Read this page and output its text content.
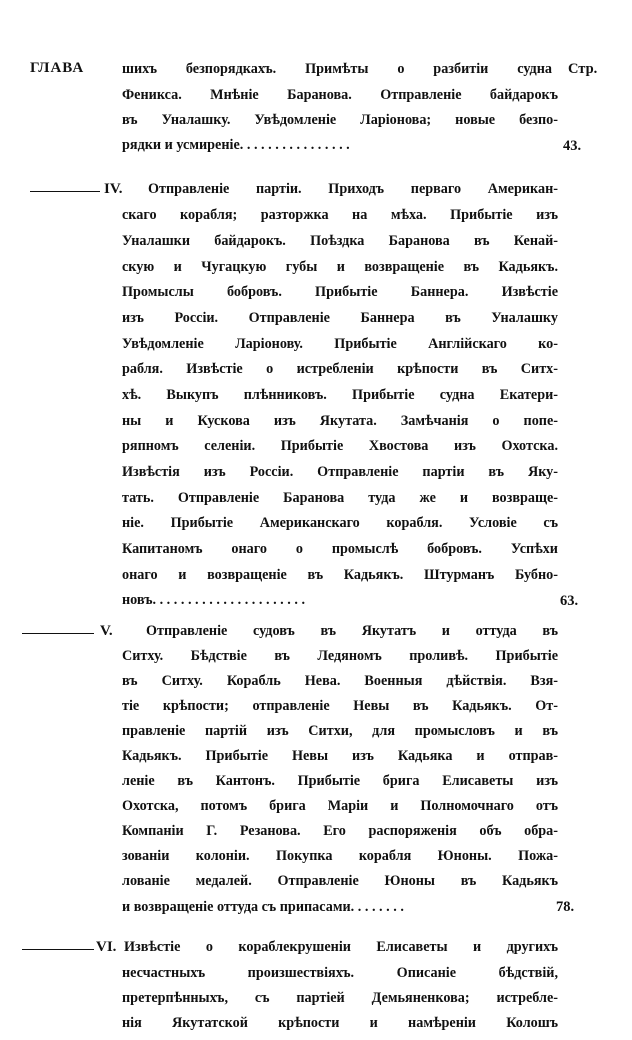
ГЛАВА	шихъ безпорядкахъ. Примѣты о разбитіи судна Стр.
Феникса. Мнѣніе Баранова. Отправленіе байдарокъ
въ Уналашку. Увѣдомленіе Ларіонова; новые безпо-
рядки и усмиреніе. . . . . . . . . . . . . . . .	43.
IV. Отправленіе партіи. Приходъ перваго Американ-
скаго корабля; разторжка на мѣха. Прибытіе изъ
Уналашки байдарокъ. Поѣздка Баранова въ Кенай-
скую и Чугацкую губы и возвращеніе въ Кадьякъ.
Промыслы бобровъ. Прибытіе Баннера. Извѣстіе
изъ Россіи. Отправленіе Баннера въ Уналашку
Увѣдомленіе Ларіонову. Прибытіе Англійскаго ко-
рабля. Извѣстіе о истребленіи крѣпости въ Ситх-
хѣ. Выкупъ плѣнниковъ. Прибытіе судна Екатери-
ны и Кускова изъ Якутата. Замѣчанія о попе-
ряпномъ селеніи. Прибытіе Хвостова изъ Охотска.
Извѣстія изъ Россіи. Отправленіе партіи въ Яку-
тать. Отправленіе Баранова туда же и возвраще-
ніе. Прибытіе Американскаго корабля. Условіе съ
Капитаномъ онаго о промыслѣ бобровъ. Успѣхи
онаго и возвращеніе въ Кадьякъ. Штурманъ Бубно-
новъ. . . . . . . . . . . . . . . . . . . . . .	63.
V. Отправленіе судовъ въ Якутатъ и оттуда въ
Ситху. Бѣдствіе въ Ледяномъ проливѣ. Прибытіе
въ Ситху. Корабль Нева. Военныя дѣйствія. Взя-
тіе крѣпости; отправленіе Невы въ Кадьякъ. От-
правленіе партій изъ Ситхи, для промысловъ и въ
Кадьякъ. Прибытіе Невы изъ Кадьяка и отправ-
леніе въ Кантонъ. Прибытіе брига Елисаветы изъ
Охотска, потомъ брига Маріи и Полномочнаго отъ
Компаніи Г. Резанова. Его распоряженія объ обра-
зованіи колоніи. Покупка корабля Юноны. Пожа-
лованіе медалей. Отправленіе Юноны въ Кадьякъ
и возвращеніе оттуда съ припасами. . . . . . . .	78.
VI. Извѣстіе о кораблекрушеніи Елисаветы и другихъ
несчастныхъ произшествіяхъ. Описаніе бѣдствій,
претерпѣнныхъ, съ партіей Демьяненкова; истребле-
нія Якутатской крѣпости и намѣреніи Колошъ
